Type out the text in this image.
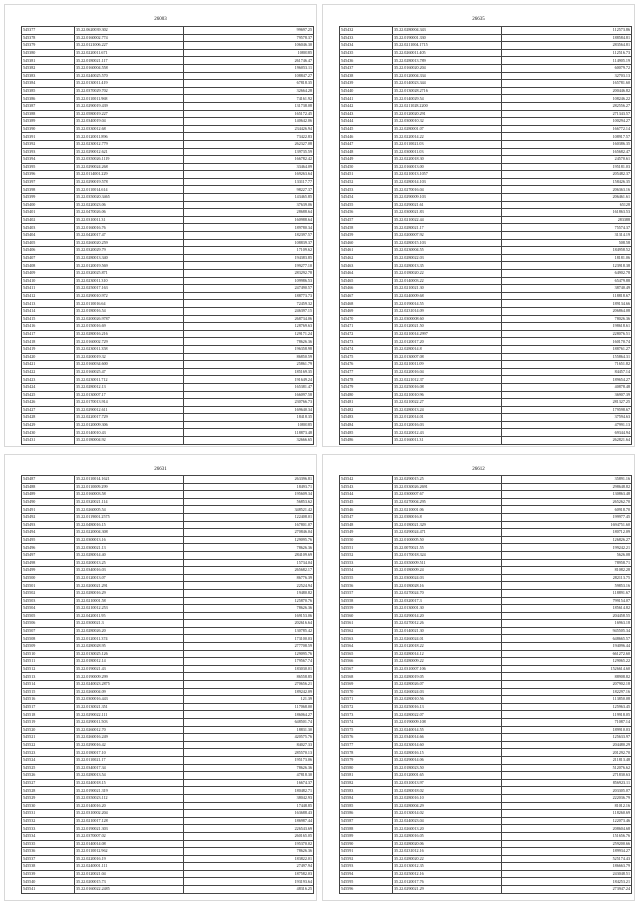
26003
545377	35.22.0620039.302	99697.25
545378	35.22.0160002.774	79578.37
545379	35.22.0121006.227	106046.30
545380	35.22.0220011.671	1080185
545381	35.22.0180021.117	261746.47
545382	35.22.0160004.558	196053.11
545383	35.22.0240025.570	108847.27
545384	35.22.0130011.419	67818.35
545385	35.22.0370029.702	32664.28
545386	35.22.0110011.968	74161.92
545387	35.22.0290019.439	131738.08
545388	35.22.0580019.227	165172.45
545389	35.22.0340019.04	140642.06
545390	35.22.0330012.68	234426.94
545391	35.22.0120011.896	73422.83
545392	35.22.0230012.779	262327.08
545393	35.22.0290012.621	139735.59
545394	35.22.0350026.1119	166782.42
545395	35.22.0290024.268	33464.09
545396	35.22.0114001.229	169263.64
545397	35.22.0290019.578	133117.77
545398	35.22.0110014.614	98227.37
545399	35.22.0350020.3465	143465.85
545400	35.22.0220023.06	37639.06
545401	35.22.0470026.06	28688.64
545402	35.22.0310011.31	160988.64
545403	35.22.0160016.76	189780.34
545404	35.22.0420017.47	182397.57
545405	35.22.0260020.259	108839.37
545406	35.22.0320029.79	17109.62
545407	35.22.0280013.340	194383.85
545408	35.22.0120019.569	199277.10
545409	35.22.0320025.871	283292.78
545410	35.22.0230011.310	109986.53
545411	35.22.0250017.163	247490.57
545412	35.22.0290010.972	188773.73
545413	35.22.0110016.64	72459.32
545414	35.22.0180016.54	246397.15
545415	35.22.0200026.9787	268734.06
545416	35.22.0150016.69	128769.63
545417	35.22.0280016.216	129171.24
545418	35.22.0160002.729	78626.36
545419	35.22.0230011.358	196358.98
545420	35.22.0200019.32	86850.59
545421	35.22.0160034.600	25861.79
545422	35.22.0160025.47	185169.35
545423	35.22.0230011.712	191649.24
545424	35.22.0280012.13	165381.47
545425	35.22.0130007.17	166097.58
545426	35.22.0170013.914	230766.73
545427	35.22.0290012.611	169640.34
545428	35.22.0220017.729	18418.35
545429	35.22.0120009.306	1080185
545430	35.22.0140010.43	118873.48
545431	35.22.0180004.92	32666.65
26635
545432	35.22.0280004.343	112573.86
545433	35.22.0190001.330	188584.81
545434	35.22.0211004.1715	283564.81
545435	35.22.0260011.405	112516.73
545436	35.22.0280013.789	114905.19
545437	35.22.0160020.204	60079.72
545438	35.22.0120004.334	32703.13
545439	35.22.0140023.344	165781.60
545440	35.22.0130028.2716	200446.82
545441	35.22.0140029.54	108246.22
545442	35.22.0211028.2200	282556.27
545443	35.22.0120020.291	271343.57
545444	35.22.0300010.32	100294.27
545445	35.22.0280001.07	166772.14
545446	35.22.0220014.22	108917.57
545447	35.22.0110021.03	160386.35
545448	35.22.0300011.03	165682.47
545449	35.22.0220018.30	24570.61
545450	35.22.0160013.00	195181.03
545451	35.22.0210013.1057	205482.37
545452	35.22.0280014.103	158426.35
545453	35.22.0270016.04	206363.16
545454	35.22.0290009.103	206461.61
545455	35.22.0290021.61	65128
545456	35.22.0300021.83	161863.53
545457	35.22.0210022.44	283388
545458	35.22.0280021.17	75574.37
545459	35.22.0200007.92	31314.19
545460	35.22.0280015.103	508.58
545461	35.22.0230004.55	184958.52
545462	35.22.0280022.03	18181.06
545463	35.22.0280013.35	123918.38
545464	35.22.0180020.22	64902.78
545465	35.22.0140003.22	65479.88
545466	35.22.0210021.30	38740.49
545467	35.22.0240009.68	118818.67
545468	35.22.0190014.55	189134.66
545469	35.22.0231014.09	206864.08
545470	35.22.0300008.60	78026.36
545471	35.22.0120021.50	198618.61
545472	35.22.0210014.2997	228076.51
545473	35.22.0120017.20	160170.74
545474	35.22.0280014.8	188761.27
545475	35.22.0130007.08	155864.31
545476	35.22.0210011.09	71651.82
545477	35.22.0220016.04	84457.14
545478	35.22.0221012.37	189654.27
545479	35.22.0250016.08	40878.48
545480	35.22.0210010.96	36907.39
545481	35.22.0210022.27	281327.25
545482	35.22.0280013.24	179598.67
545483	35.22.0120014.01	37594.63
545484	35.22.0120016.03	47991.13
545485	35.22.0220012.43	69344.94
545486	35.22.0160011.31	262821.64
26631
545487	35.22.0110014.1621	263396.81
545488	35.22.0110009.299	18493.71
545489	35.22.0160003.58	195609.34
545490	35.22.0320021.114	56853.62
545491	35.22.0260005.54	348521.42
545492	35.22.0119001.2575	122408.01
545493	35.22.0480016.15	167801.07
545494	35.22.0220004.308	270846.04
545495	35.22.0300013.16	129095.76
545496	35.22.0300021.13	78626.36
545497	35.22.0280014.40	284109.69
545498	35.22.0200013.25	15734.04
545499	35.22.0340016.03	265682.17
545500	35.22.0120013.07	86776.39
545501	35.22.0200021.291	22524.94
545502	35.22.0280016.29	19480.82
545503	35.22.0210001.58	125870.76
545504	35.22.0210012.253	78626.36
545505	35.22.0420011.95	169153.06
545506	35.22.0300021.3	202616.64
545507	35.22.0280026.20	130785.42
545508	35.22.0120011.374	173100.03
545509	35.22.0280028.95	277708.59
545510	35.22.0130025.126	129095.76
545511	35.22.0180012.14	179567.74
545512	35.22.0190021.43	183030.01
545513	35.22.0190009.299	86558.85
545514	35.22.0240023.2875	270656.21
545515	35.22.0260004.09	189242.09
545516	35.22.0300016.443	121.39
545517	35.22.0130021.351	117068.00
545518	35.22.0290022.111	186064.27
545519	35.22.0290011.503	648501.74
545520	35.22.0260012.70	18831.30
545521	35.22.0260016.249	420575.76
545522	35.22.0290016.42	84027.33
545523	35.22.0180017.10	285570.13
545524	35.22.0110021.17	195173.06
545525	35.22.0340017.34	78626.36
545526	35.22.0280013.54	47818.30
545527	35.22.0240018.15	16674.37
545528	35.22.0190021.319	180482.71
545529	35.22.0350023.112	38042.93
545530	35.22.0140016.20	17448.85
545531	35.22.0310002.204	163688.43
545532	35.22.0210017.128	186987.44
545533	35.22.0190021.303	226543.69
545534	35.22.0370007.02	260165.05
545535	35.22.0140014.08	195370.02
545536	35.22.0110012.962	78626.36
545537	35.22.0220016.19	183822.01
545538	35.22.0240001.111	27497.94
545539	35.22.0120021.04	187582.03
545540	35.22.0200015.73	193193.64
545541	35.22.0160022.2485	48316.25
26612
545542	35.22.0290015.25	35891.16
545543	35.22.0330026.2691	298648.82
545544	35.22.0300007.67	130863.48
545545	35.22.0270004.295	265262.70
545546	35.22.0210001.06	60918.70
545547	35.22.0380016.8	199977.45
545548	35.22.0180021.329	1694751.60
545549	35.22.0290024.471	180712.09
545550	35.22.0100005.50	126826.27
545551	35.22.0070021.55	199242.21
545552	35.22.0170018.324	5626.08
545553	35.22.0350009.511	78958.71
545554	35.22.0180009.24	81082.28
545555	35.22.0300024.03	282113.75
545556	35.22.0180028.16	59853.16
545557	35.22.0270024.70	118891.67
545558	35.22.0320017.3	799154.07
545559	35.22.0130001.30	185614.82
545560	35.22.0290014.20	204458.55
545561	35.22.0270012.26	16963.18
545562	35.22.0140021.30	945505.34
545563	35.22.0260024.01	648665.57
545564	35.22.0120018.22	194096.44
545565	35.22.0280014.12	661272.60
545566	35.22.0280009.22	129065.22
545567	35.22.0310007.106	1526614.60
545568	35.22.0280019.05	88908.82
545569	35.22.0280026.07	207902.18
545570	35.22.0260024.03	182297.16
545571	35.22.0280010.56	113850.08
545572	35.22.0250016.13	125963.45
545573	35.22.0280022.07	119918.05
545574	35.22.0190009.108	71087.14
545575	35.22.0240014.55	189910.03
545576	35.22.0340014.66	125633.97
545577	35.22.0230014.60	204480.29
545578	35.22.0280016.15	201292.70
545579	35.22.0290014.06	211813.48
545580	35.22.0180023.50	512076.62
545581	35.22.0120001.65	271830.63
545582	35.22.0310013.97	856923.11
545583	35.22.0280018.02	203305.07
545584	35.22.0280016.10	222036.79
545585	35.22.0280004.29	81012.16
545586	35.22.0130014.02	118260.69
545587	35.22.0240023.04	122073.46
545588	35.22.0260013.20	208604.68
545589	35.22.0280016.05	151656.76
545590	35.22.0280020.06	259200.66
545591	35.22.0231012.16	189934.27
545592	35.22.0280020.22	525174.43
545593	35.22.0130012.35	186663.79
545594	35.22.0250012.16	243048.51
545595	35.22.0120017.76	184253.21
545596	35.22.0290021.29	273947.24
